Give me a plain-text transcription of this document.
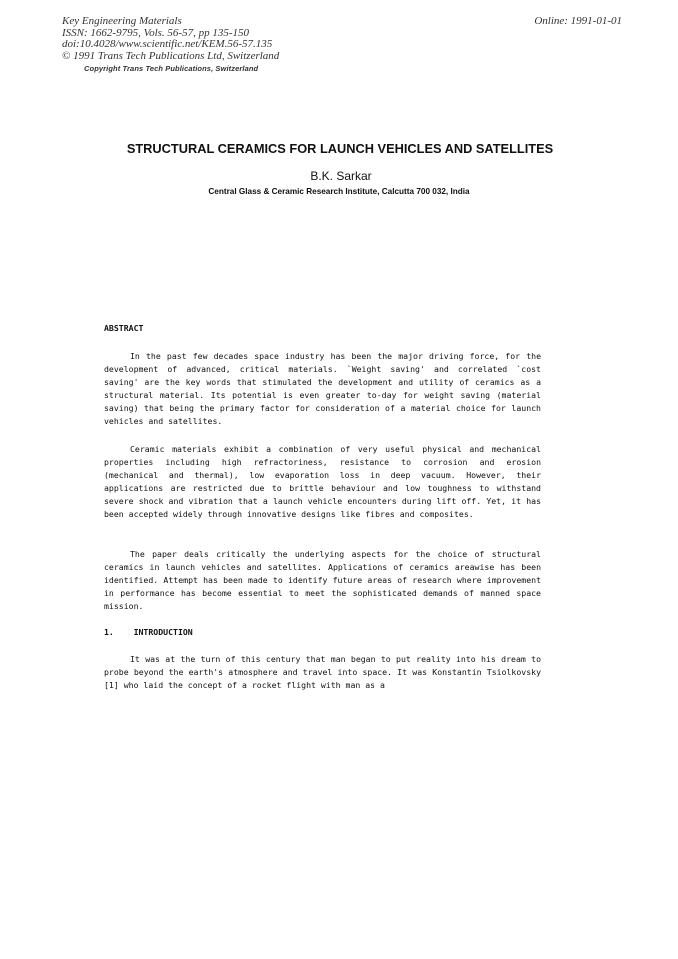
Key Engineering Materials
ISSN: 1662-9795, Vols. 56-57, pp 135-150
doi:10.4028/www.scientific.net/KEM.56-57.135
© 1991 Trans Tech Publications Ltd, Switzerland
Copyright Trans Tech Publications, Switzerland
Online: 1991-01-01
STRUCTURAL CERAMICS FOR LAUNCH VEHICLES AND SATELLITES
B.K. Sarkar
Central Glass & Ceramic Research Institute, Calcutta 700 032, India
ABSTRACT

In the past few decades space industry has been the major driving force, for the development of advanced, critical materials. `Weight saving' and correlated `cost saving' are the key words that stimulated the development and utility of ceramics as a structural material. Its potential is even greater to-day for weight saving (material saving) that being the primary factor for consideration of a material choice for launch vehicles and satellites.

Ceramic materials exhibit a combination of very useful physical and mechanical properties including high refractoriness, resistance to corrosion and erosion (mechanical and thermal), low evaporation loss in deep vacuum. However, their applications are restricted due to brittle behaviour and low toughness to withstand severe shock and vibration that a launch vehicle encounters during lift off. Yet, it has been accepted widely through innovative designs like fibres and composites.

The paper deals critically the underlying aspects for the choice of structural ceramics in launch vehicles and satellites. Applications of ceramics areawise has been identified. Attempt has been made to identify future areas of research where improvement in performance has become essential to meet the sophisticated demands of manned space mission.

1.    INTRODUCTION

It was at the turn of this century that man began to put reality into his dream to probe beyond the earth's atmosphere and travel into space. It was Konstantin Tsiolkovsky [1] who laid the concept of a rocket flight with man as a
